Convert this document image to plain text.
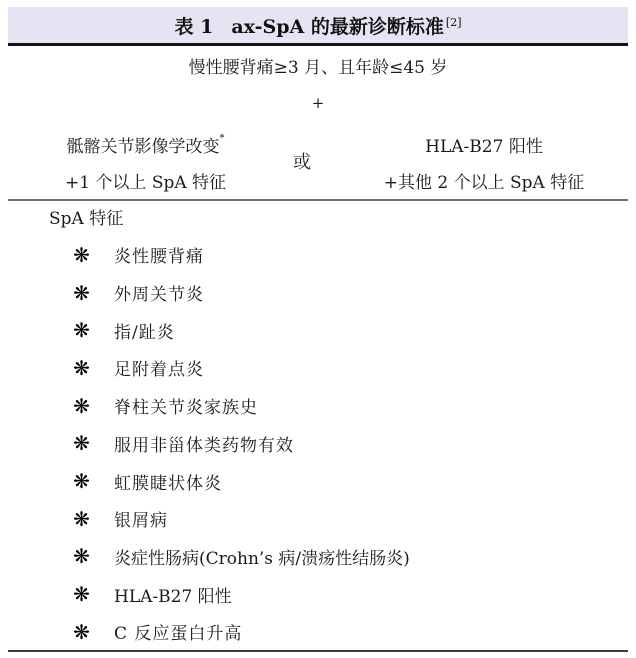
表 1 ax-SpA 的最新诊断标准[2]
慢性腰背痛≥3 月、且年龄≤45 岁
+
骶髂关节影像学改变*
+1 个以上 SpA 特征
或
HLA-B27 阳性
+其他 2 个以上 SpA 特征
SpA 特征
❋ 炎性腰背痛
❋ 外周关节炎
❋ 指/趾炎
❋ 足附着点炎
❋ 脊柱关节炎家族史
❋ 服用非甾体类药物有效
❋ 虹膜睫状体炎
❋ 银屑病
❋ 炎症性肠病(Crohn’s 病/溃疡性结肠炎)
❋ HLA-B27 阳性
❋ C 反应蛋白升高
